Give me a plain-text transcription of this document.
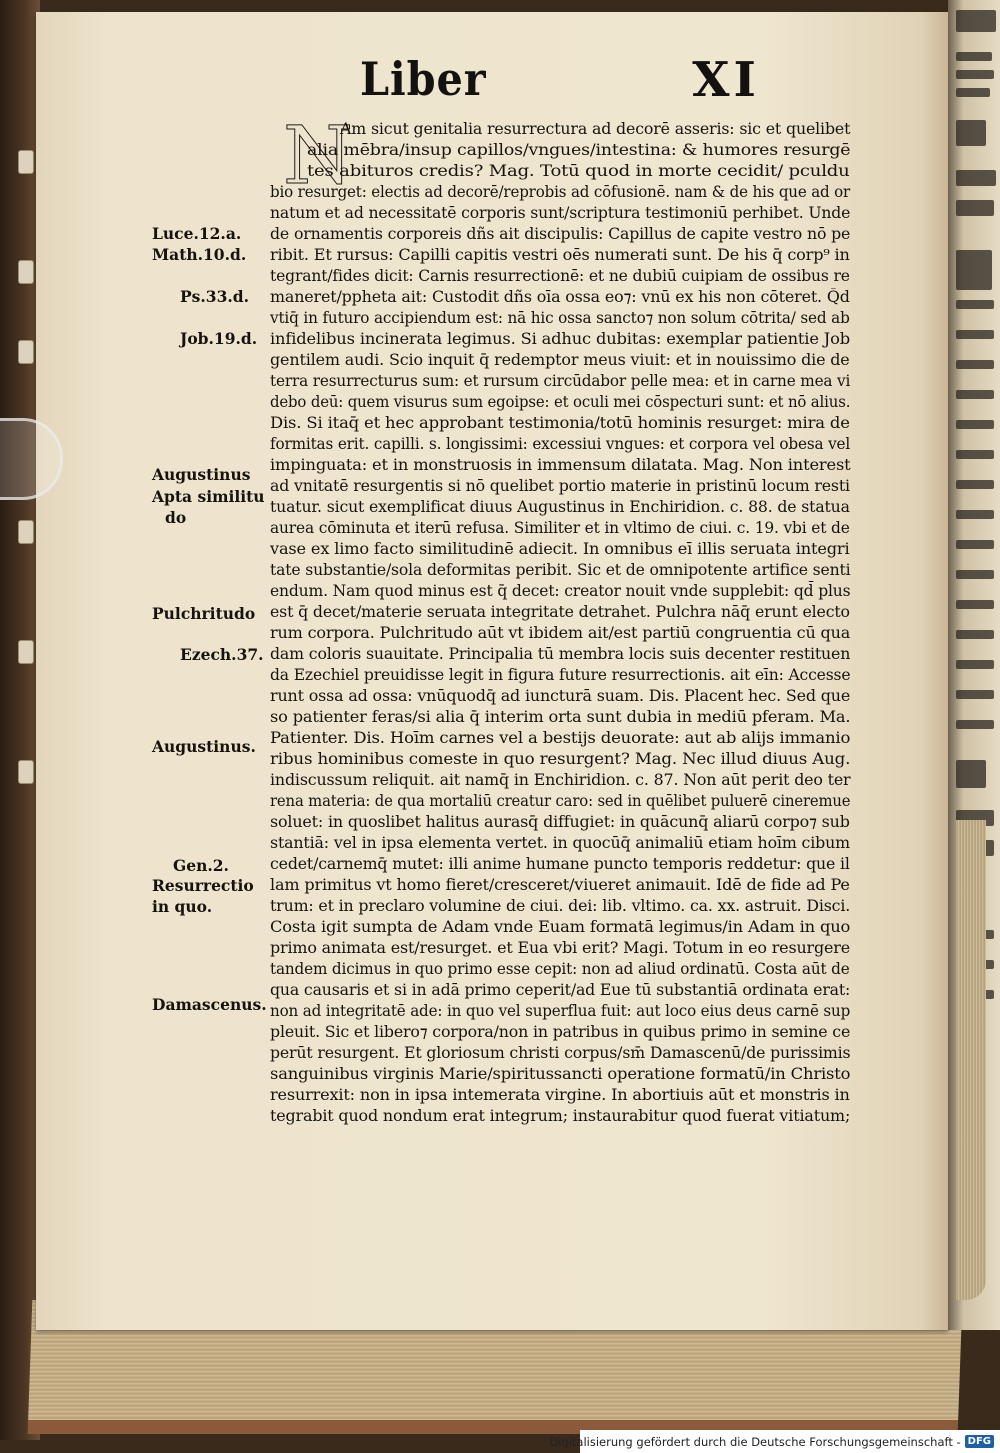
Liber	XI
N
Luce.12.a.
Math.10.d.
Ps.33.d.
Job.19.d.
Augustinus
Apta similitu
do
Pulchritudo
Ezech.37.
Augustinus.
Gen.2.
Resurrectio
in quo.
Damascenus.
Am sicut genitalia resurrectura ad decorē asseris: sic et quelibet
alia mēbra/insup capillos/vngues/intestina: & humores resurgē
tes abituros credis? Mag. Totū quod in morte cecidit/ pculdu
bio resurget: electis ad decorē/reprobis ad cōfusionē. nam & de his que ad or
natum et ad necessitatē corporis sunt/scriptura testimoniū perhibet. Unde
de ornamentis corporeis dñs ait discipulis: Capillus de capite vestro nō pe
ribit. Et rursus: Capilli capitis vestri oēs numerati sunt. De his q̄ corp⁹ in
tegrant/fides dicit: Carnis resurrectionē: et ne dubiū cuipiam de ossibus re
maneret/ppheta ait: Custodit dñs oīa ossa eo⁊: vnū ex his non cōteret. Q̄d
vtiq̄ in futuro accipiendum est: nā hic ossa sancto⁊ non solum cōtrita/ sed ab
infidelibus incinerata legimus. Si adhuc dubitas: exemplar patientie Job
gentilem audi. Scio inquit q̄ redemptor meus viuit: et in nouissimo die de
terra resurrecturus sum: et rursum circūdabor pelle mea: et in carne mea vi
debo deū: quem visurus sum egoipse: et oculi mei cōspecturi sunt: et nō alius.
Dis. Si itaq̄ et hec approbant testimonia/totū hominis resurget: mira de
formitas erit. capilli. s. longissimi: excessiui vngues: et corpora vel obesa vel
impinguata: et in monstruosis in immensum dilatata. Mag. Non interest
ad vnitatē resurgentis si nō quelibet portio materie in pristinū locum resti
tuatur. sicut exemplificat diuus Augustinus in Enchiridion. c. 88. de statua
aurea cōminuta et iterū refusa. Similiter et in vltimo de ciui. c. 19. vbi et de
vase ex limo facto similitudinē adiecit. In omnibus eī illis seruata integri
tate substantie/sola deformitas peribit. Sic et de omnipotente artifice senti
endum. Nam quod minus est q̄ decet: creator nouit vnde supplebit: qd̄ plus
est q̄ decet/materie seruata integritate detrahet. Pulchra nāq̄ erunt electo
rum corpora. Pulchritudo aūt vt ibidem ait/est partiū congruentia cū qua
dam coloris suauitate. Principalia tū membra locis suis decenter restituen
da Ezechiel preuidisse legit in figura future resurrectionis. ait eīn: Accesse
runt ossa ad ossa: vnūquodq̄ ad iuncturā suam. Dis. Placent hec. Sed que
so patienter feras/si alia q̄ interim orta sunt dubia in mediū pferam. Ma.
Patienter. Dis. Hoīm carnes vel a bestijs deuorate: aut ab alijs immanio
ribus hominibus comeste in quo resurgent? Mag. Nec illud diuus Aug.
indiscussum reliquit. ait namq̄ in Enchiridion. c. 87. Non aūt perit deo ter
rena materia: de qua mortaliū creatur caro: sed in quēlibet puluerē cineremue
soluet: in quoslibet halitus aurasq̄ diffugiet: in quācunq̄ aliarū corpo⁊ sub
stantiā: vel in ipsa elementa vertet. in quocūq̄ animaliū etiam hoīm cibum
cedet/carnemq̄ mutet: illi anime humane puncto temporis reddetur: que il
lam primitus vt homo fieret/cresceret/viueret animauit. Idē de fide ad Pe
trum: et in preclaro volumine de ciui. dei: lib. vltimo. ca. xx. astruit. Disci.
Costa igit sumpta de Adam vnde Euam formatā legimus/in Adam in quo
primo animata est/resurget. et Eua vbi erit? Magi. Totum in eo resurgere
tandem dicimus in quo primo esse cepit: non ad aliud ordinatū. Costa aūt de
qua causaris et si in adā primo ceperit/ad Eue tū substantiā ordinata erat:
non ad integritatē ade: in quo vel superflua fuit: aut loco eius deus carnē sup
pleuit. Sic et libero⁊ corpora/non in patribus in quibus primo in semine ce
perūt resurgent. Et gloriosum christi corpus/sm̄ Damascenū/de purissimis
sanguinibus virginis Marie/spiritussancti operatione formatū/in Christo
resurrexit: non in ipsa intemerata virgine. In abortiuis aūt et monstris in
tegrabit quod nondum erat integrum; instaurabitur quod fuerat vitiatum;
Digitalisierung gefördert durch die Deutsche Forschungsgemeinschaft - DFG
